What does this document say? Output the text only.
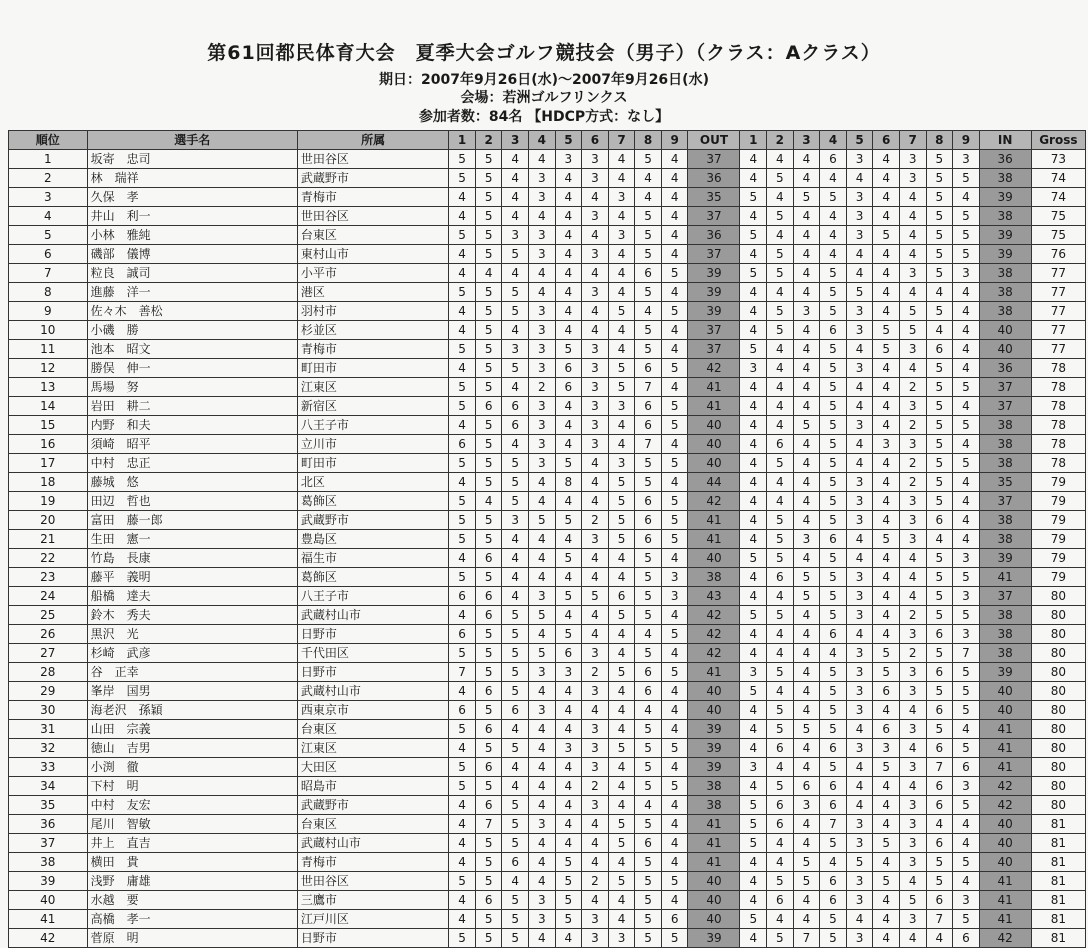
第61回都民体育大会　夏季大会ゴルフ競技会（男子）（クラス：Aクラス）
期日：2007年9月26日(水)～2007年9月26日(水)
会場：若洲ゴルフリンクス
参加者数：84名 【HDCP方式：なし】
順位	選手名	所属	1	2	3	4	5	6	7	8	9	OUT	1	2	3	4	5	6	7	8	9	IN	Gross
1	坂寄　忠司	世田谷区	5	5	4	4	3	3	4	5	4	37	4	4	4	6	3	4	3	5	3	36	73
2	林　瑞祥	武蔵野市	5	5	4	3	4	3	4	4	4	36	4	5	4	4	4	4	3	5	5	38	74
3	久保　孝	青梅市	4	5	4	3	4	4	3	4	4	35	5	4	5	5	3	4	4	5	4	39	74
4	井山　利一	世田谷区	4	5	4	4	4	3	4	5	4	37	4	5	4	4	3	4	4	5	5	38	75
5	小林　雅純	台東区	5	5	3	3	4	4	3	5	4	36	5	4	4	4	3	5	4	5	5	39	75
6	磯部　儀博	東村山市	4	5	5	3	4	3	4	5	4	37	4	5	4	4	4	4	4	5	5	39	76
7	粒良　誠司	小平市	4	4	4	4	4	4	4	6	5	39	5	5	4	5	4	4	3	5	3	38	77
8	進藤　洋一	港区	5	5	5	4	4	3	4	5	4	39	4	4	4	5	5	4	4	4	4	38	77
9	佐々木　善松	羽村市	4	5	5	3	4	4	5	4	5	39	4	5	3	5	3	4	5	5	4	38	77
10	小磯　勝	杉並区	4	5	4	3	4	4	4	5	4	37	4	5	4	6	3	5	5	4	4	40	77
11	池本　昭文	青梅市	5	5	3	3	5	3	4	5	4	37	5	4	4	5	4	5	3	6	4	40	77
12	勝俣　伸一	町田市	4	5	5	3	6	3	5	6	5	42	3	4	4	5	3	4	4	5	4	36	78
13	馬場　努	江東区	5	5	4	2	6	3	5	7	4	41	4	4	4	5	4	4	2	5	5	37	78
14	岩田　耕二	新宿区	5	6	6	3	4	3	3	6	5	41	4	4	4	5	4	4	3	5	4	37	78
15	内野　和夫	八王子市	4	5	6	3	4	3	4	6	5	40	4	4	5	5	3	4	2	5	5	38	78
16	須崎　昭平	立川市	6	5	4	3	4	3	4	7	4	40	4	6	4	5	4	3	3	5	4	38	78
17	中村　忠正	町田市	5	5	5	3	5	4	3	5	5	40	4	5	4	5	4	4	2	5	5	38	78
18	藤城　悠	北区	4	5	5	4	8	4	5	5	4	44	4	4	4	5	3	4	2	5	4	35	79
19	田辺　哲也	葛飾区	5	4	5	4	4	4	5	6	5	42	4	4	4	5	3	4	3	5	4	37	79
20	富田　藤一郎	武蔵野市	5	5	3	5	5	2	5	6	5	41	4	5	4	5	3	4	3	6	4	38	79
21	生田　憲一	豊島区	5	5	4	4	4	3	5	6	5	41	4	5	3	6	4	5	3	4	4	38	79
22	竹島　長康	福生市	4	6	4	4	5	4	4	5	4	40	5	5	4	5	4	4	4	5	3	39	79
23	藤平　義明	葛飾区	5	5	4	4	4	4	4	5	3	38	4	6	5	5	3	4	4	5	5	41	79
24	船橋　達夫	八王子市	6	6	4	3	5	5	6	5	3	43	4	4	5	5	3	4	4	5	3	37	80
25	鈴木　秀夫	武蔵村山市	4	6	5	5	4	4	5	5	4	42	5	5	4	5	3	4	2	5	5	38	80
26	黒沢　光	日野市	6	5	5	4	5	4	4	4	5	42	4	4	4	6	4	4	3	6	3	38	80
27	杉崎　武彦	千代田区	5	5	5	5	6	3	4	5	4	42	4	4	4	4	3	5	2	5	7	38	80
28	谷　正幸	日野市	7	5	5	3	3	2	5	6	5	41	3	5	4	5	3	5	3	6	5	39	80
29	峯岸　国男	武蔵村山市	4	6	5	4	4	3	4	6	4	40	5	4	4	5	3	6	3	5	5	40	80
30	海老沢　孫穎	西東京市	6	5	6	3	4	4	4	4	4	40	4	5	4	5	3	4	4	6	5	40	80
31	山田　宗義	台東区	5	6	4	4	4	3	4	5	4	39	4	5	5	5	4	6	3	5	4	41	80
32	徳山　吉男	江東区	4	5	5	4	3	3	5	5	5	39	4	6	4	6	3	3	4	6	5	41	80
33	小渕　徹	大田区	5	6	4	4	4	3	4	5	4	39	3	4	4	5	4	5	3	7	6	41	80
34	下村　明	昭島市	5	5	4	4	4	2	4	5	5	38	4	5	6	6	4	4	4	6	3	42	80
35	中村　友宏	武蔵野市	4	6	5	4	4	3	4	4	4	38	5	6	3	6	4	4	3	6	5	42	80
36	尾川　智敏	台東区	4	7	5	3	4	4	5	5	4	41	5	6	4	7	3	4	3	4	4	40	81
37	井上　直吉	武蔵村山市	4	5	5	4	4	4	5	6	4	41	5	4	4	5	3	5	3	6	4	40	81
38	横田　貴	青梅市	4	5	6	4	5	4	4	5	4	41	4	4	5	4	5	4	3	5	5	40	81
39	浅野　庸雄	世田谷区	5	5	4	4	5	2	5	5	5	40	4	5	5	6	3	5	4	5	4	41	81
40	水越　要	三鷹市	4	6	5	3	5	4	4	5	4	40	4	6	4	6	3	4	5	6	3	41	81
41	高橋　孝一	江戸川区	4	5	5	3	5	3	4	5	6	40	5	4	4	5	4	4	3	7	5	41	81
42	菅原　明	日野市	5	5	5	4	4	3	3	5	5	39	4	5	7	5	3	4	4	4	6	42	81
